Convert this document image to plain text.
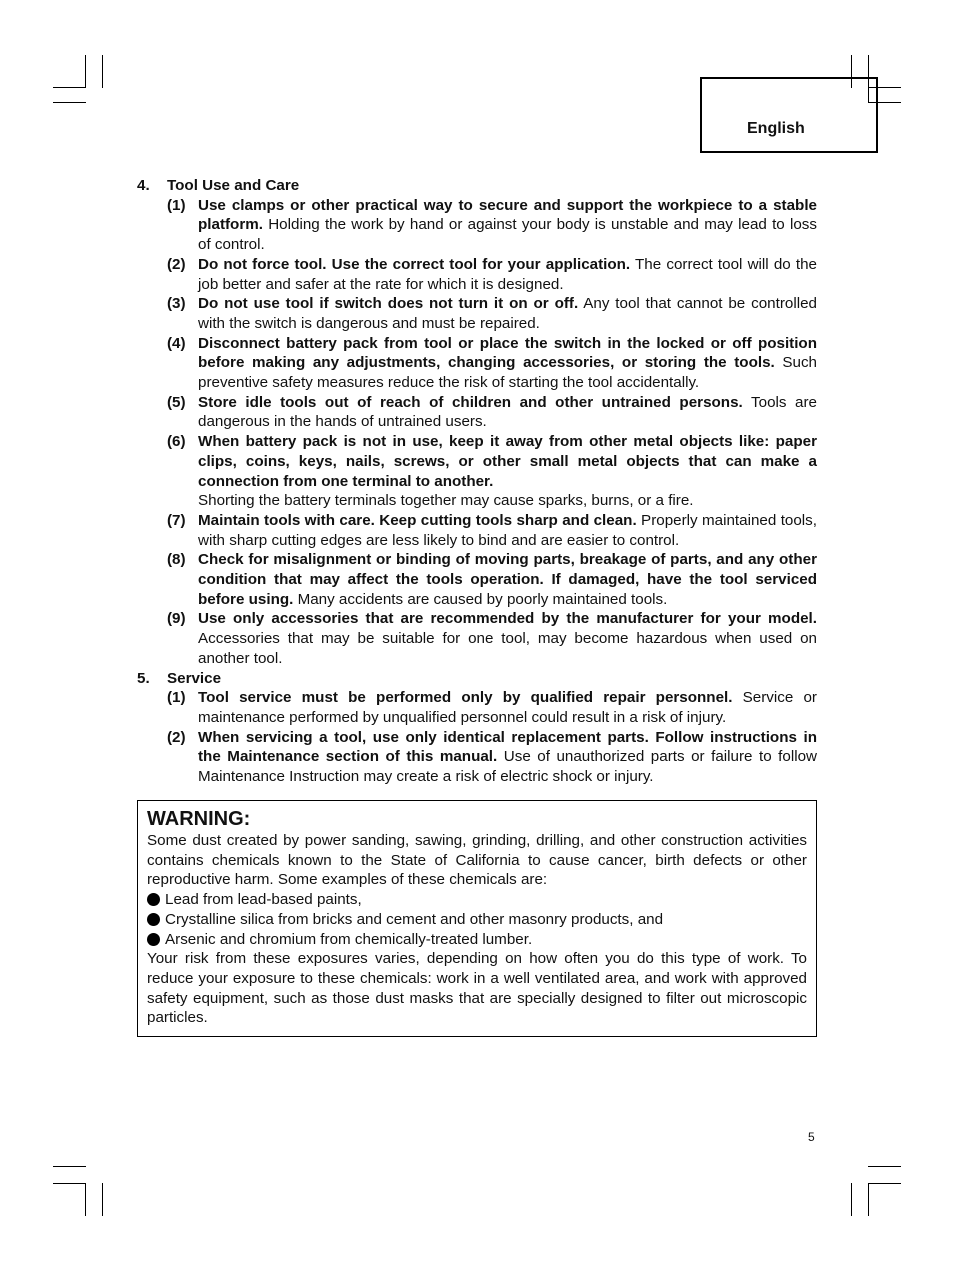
English
4.	Tool Use and Care
(1) Use clamps or other practical way to secure and support the workpiece to a stable platform. Holding the work by hand or against your body is unstable and may lead to loss of control.
(2) Do not force tool. Use the correct tool for your application. The correct tool will do the job better and safer at the rate for which it is designed.
(3) Do not use tool if switch does not turn it on or off. Any tool that cannot be controlled with the switch is dangerous and must be repaired.
(4) Disconnect battery pack from tool or place the switch in the locked or off position before making any adjustments, changing accessories, or storing the tools. Such preventive safety measures reduce the risk of starting the tool accidentally.
(5) Store idle tools out of reach of children and other untrained persons. Tools are dangerous in the hands of untrained users.
(6) When battery pack is not in use, keep it away from other metal objects like: paper clips, coins, keys, nails, screws, or other small metal objects that can make a connection from one terminal to another.
Shorting the battery terminals together may cause sparks, burns, or a fire.
(7) Maintain tools with care. Keep cutting tools sharp and clean. Properly maintained tools, with sharp cutting edges are less likely to bind and are easier to control.
(8) Check for misalignment or binding of moving parts, breakage of parts, and any other condition that may affect the tools operation. If damaged, have the tool serviced before using. Many accidents are caused by poorly maintained tools.
(9) Use only accessories that are recommended by the manufacturer for your model. Accessories that may be suitable for one tool, may become hazardous when used on another tool.
5.	Service
(1) Tool service must be performed only by qualified repair personnel. Service or maintenance performed by unqualified personnel could result in a risk of injury.
(2) When servicing a tool, use only identical replacement parts. Follow instructions in the Maintenance section of this manual. Use of unauthorized parts or failure to follow Maintenance Instruction may create a risk of electric shock or injury.
WARNING:
Some dust created by power sanding, sawing, grinding, drilling, and other construction activities contains chemicals known to the State of California to cause cancer, birth defects or other reproductive harm. Some examples of these chemicals are:
Lead from lead-based paints,
Crystalline silica from bricks and cement and other masonry products, and
Arsenic and chromium from chemically-treated lumber.
Your risk from these exposures varies, depending on how often you do this type of work. To reduce your exposure to these chemicals: work in a well ventilated area, and work with approved safety equipment, such as those dust masks that are specially designed to filter out microscopic particles.
5
